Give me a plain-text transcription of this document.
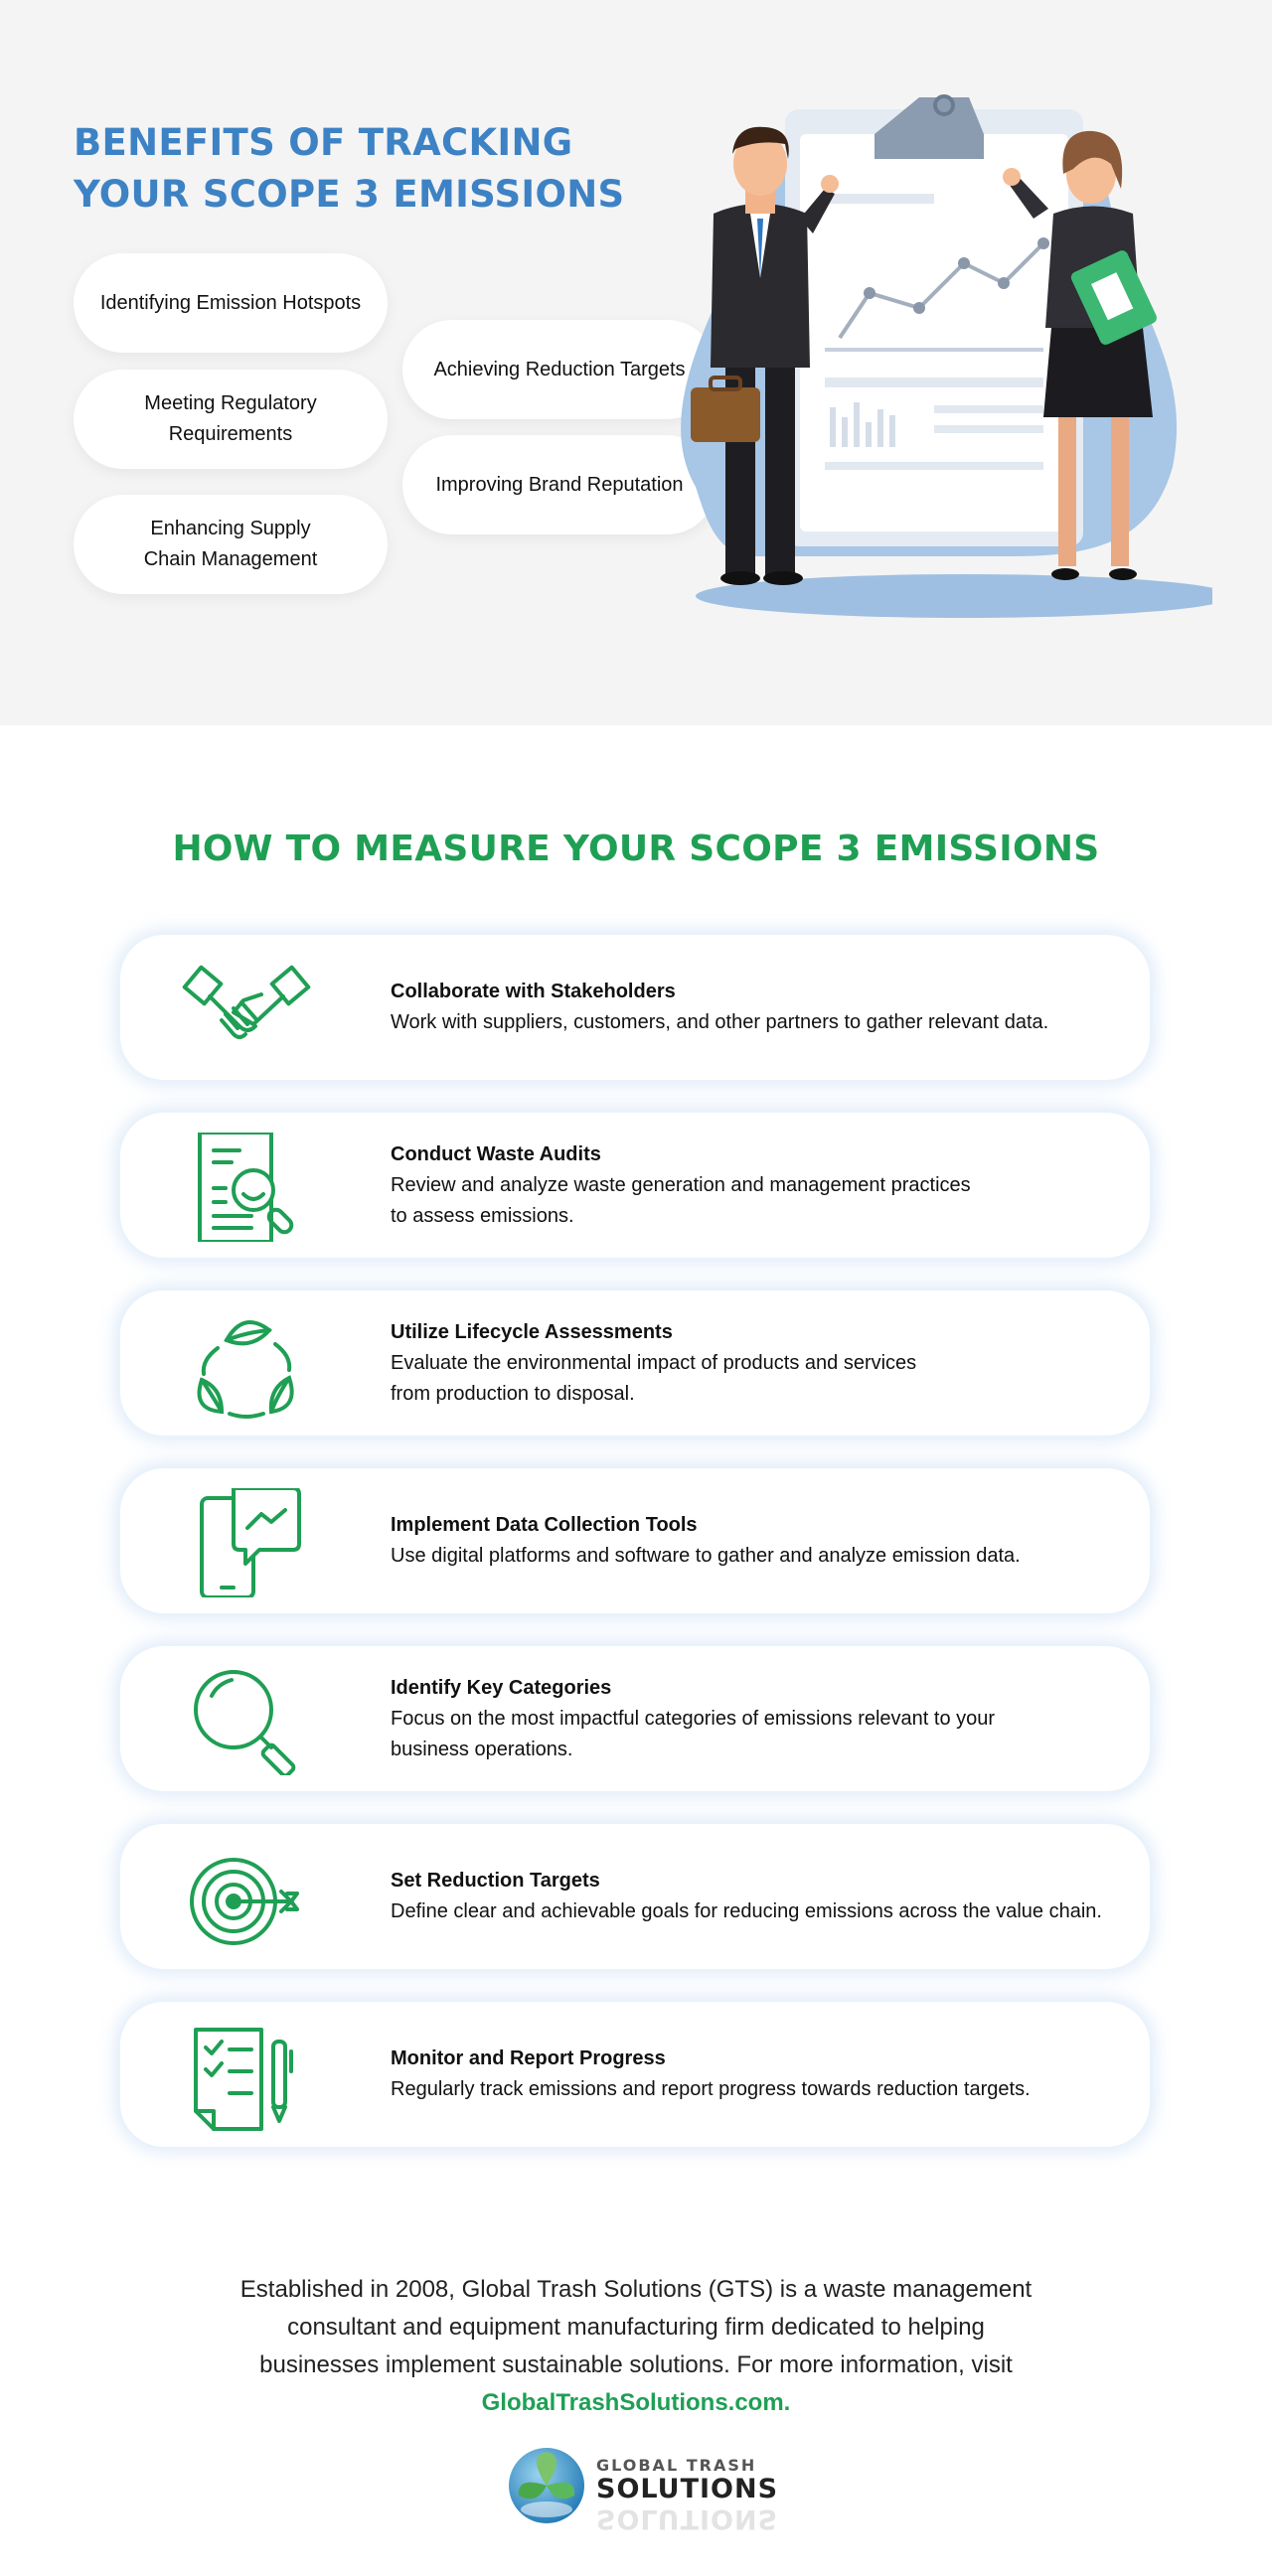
BENEFITS OF TRACKING YOUR SCOPE 3 EMISSIONS
Identifying Emission Hotspots
Meeting Regulatory
Requirements
Enhancing Supply
Chain Management
Achieving Reduction Targets
Improving Brand Reputation
HOW TO MEASURE YOUR SCOPE 3 EMISSIONS
Collaborate with Stakeholders
Work with suppliers, customers, and other partners to gather relevant data.
Conduct Waste Audits
Review and analyze waste generation and management practices
to assess emissions.
Utilize Lifecycle Assessments
Evaluate the environmental impact of products and services
from production to disposal.
Implement Data Collection Tools
Use digital platforms and software to gather and analyze emission data.
Identify Key Categories
Focus on the most impactful categories of emissions relevant to your
business operations.
Set Reduction Targets
Define clear and achievable goals for reducing emissions across the value chain.
Monitor and Report Progress
Regularly track emissions and report progress towards reduction targets.

Established in 2008, Global Trash Solutions (GTS) is a waste management consultant and equipment manufacturing firm dedicated to helping businesses implement sustainable solutions. For more information, visit GlobalTrashSolutions.com.

GLOBAL TRASH
SOLUTIONS
SOLUTIONS
